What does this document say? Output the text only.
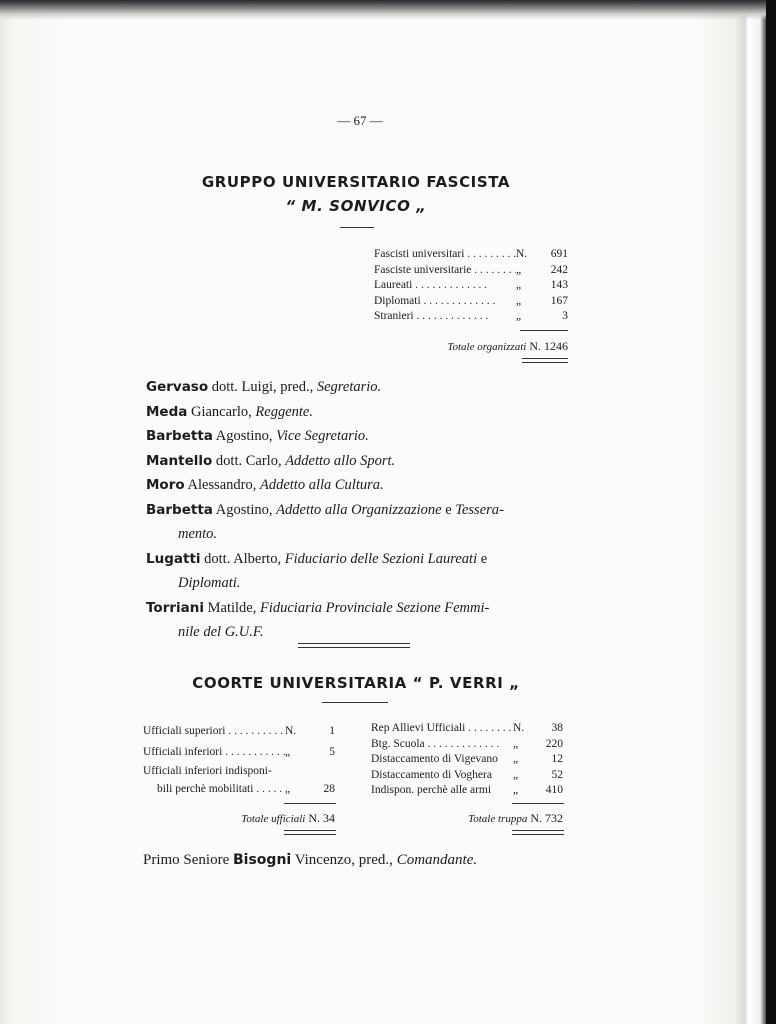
— 67 —
GRUPPO UNIVERSITARIO FASCISTA
“ M. SONVICO „
Fascisti universitari . . .	N.	691
Fasciste universitarie . . .	„	242
Laureati . . .	„	143
Diplomati . . .	„	167
Stranieri . . .	„	3
Totale organizzati N. 1246

Gervaso dott. Luigi, pred., Segretario.

Meda Giancarlo, Reggente.

Barbetta Agostino, Vice Segretario.

Mantello dott. Carlo, Addetto allo Sport.

Moro Alessandro, Addetto alla Cultura.

Barbetta Agostino, Addetto alla Organizzazione e Tessera-

mento.

Lugatti dott. Alberto, Fiduciario delle Sezioni Laureati e

Diplomati.

Torriani Matilde, Fiduciaria Provinciale Sezione Femmi-

nile del G.U.F.

COORTE UNIVERSITARIA “ P. VERRI „
Ufficiali superiori . . .	N.	1
Ufficiali inferiori . . .	„	5
Ufficiali inferiori indisponi-
bili perchè mobilitati . . .	„	28
Totale ufficiali N. 34
Rep Allievi Ufficiali . . .	N.	38
Btg. Scuola . . .	„	220
Distaccamento di Vigevano	„	12
Distaccamento di Voghera	„	52
Indispon. perchè alle armi	„	410
Totale truppa N. 732
Primo Seniore Bisogni Vincenzo, pred., Comandante.
